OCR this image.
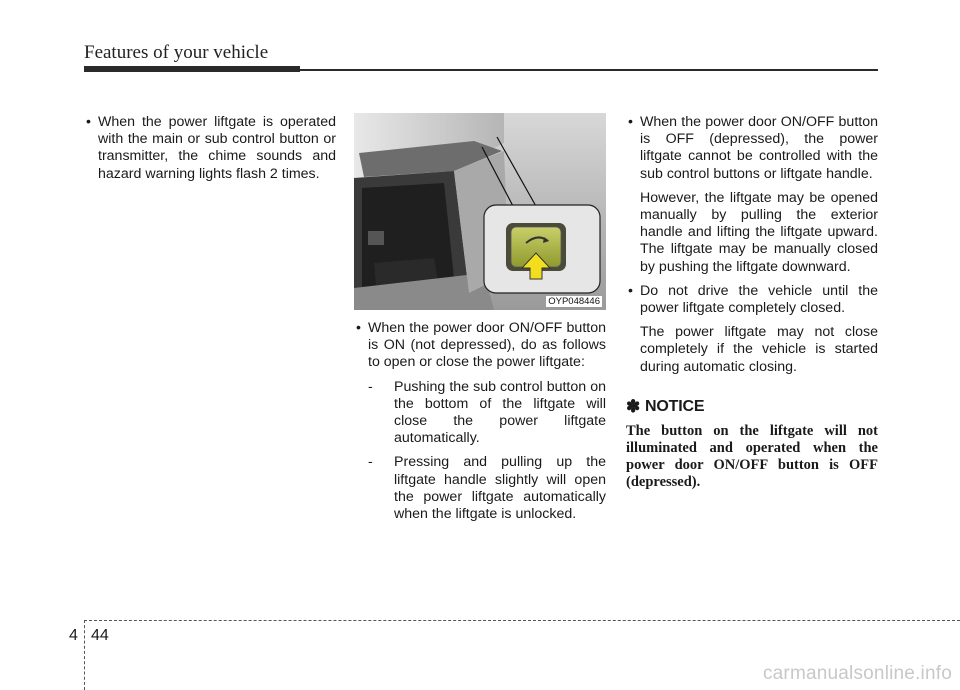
Features of your vehicle

• When the power liftgate is operated with the main or sub control button or transmitter, the chime sounds and hazard warning lights flash 2 times.

OYP048446

• When the power door ON/OFF button is ON (not depressed), do as follows to open or close the power liftgate:

- Pushing the sub control button on the bottom of the liftgate will close the power liftgate automatically.
- Pressing and pulling up the liftgate handle slightly will open the power liftgate automatically when the liftgate is unlocked.

• When the power door ON/OFF button is OFF (depressed), the power liftgate cannot be controlled with the sub control buttons or liftgate handle.

However, the liftgate may be opened manually by pulling the exterior handle and lifting the liftgate upward. The liftgate may be manually closed by pushing the liftgate downward.

• Do not drive the vehicle until the power liftgate completely closed.

The power liftgate may not close completely if the vehicle is started during automatic closing.

✽ NOTICE
The button on the liftgate will not illuminated and operated when the power door ON/OFF button is OFF (depressed).
4 44
carmanualsonline.info
